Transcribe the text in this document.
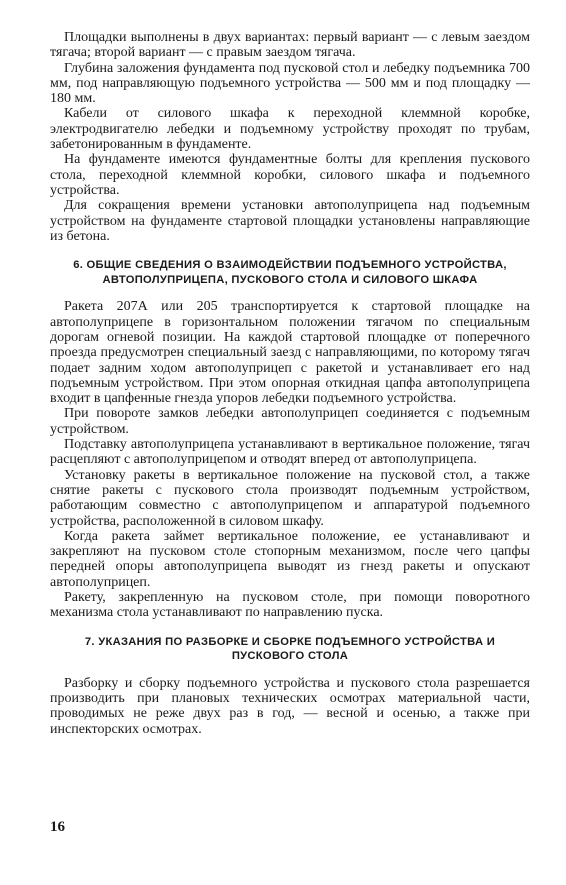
Площадки выполнены в двух вариантах: первый вариант — с левым заездом тягача; второй вариант — с правым заездом тягача.

Глубина заложения фундамента под пусковой стол и лебедку подъемника 700 мм, под направляющую подъемного устройства — 500 мм и под площадку — 180 мм.

Кабели от силового шкафа к переходной клеммной коробке, электродвигателю лебедки и подъемному устройству проходят по трубам, забетонированным в фундаменте.

На фундаменте имеются фундаментные болты для крепления пускового стола, переходной клеммной коробки, силового шкафа и подъемного устройства.

Для сокращения времени установки автополуприцепа над подъемным устройством на фундаменте стартовой площадки установлены направляющие из бетона.

6. ОБЩИЕ СВЕДЕНИЯ О ВЗАИМОДЕЙСТВИИ ПОДЪЕМНОГО УСТРОЙСТВА, АВТОПОЛУПРИЦЕПА, ПУСКОВОГО СТОЛА И СИЛОВОГО ШКАФА

Ракета 207А или 205 транспортируется к стартовой площадке на автополуприцепе в горизонтальном положении тягачом по специальным дорогам огневой позиции. На каждой стартовой площадке от поперечного проезда предусмотрен специальный заезд с направляющими, по которому тягач подает задним ходом автополуприцеп с ракетой и устанавливает его над подъемным устройством. При этом опорная откидная цапфа автополуприцепа входит в цапфенные гнезда упоров лебедки подъемного устройства.

При повороте замков лебедки автополуприцеп соединяется с подъемным устройством.

Подставку автополуприцепа устанавливают в вертикальное положение, тягач расцепляют с автополуприцепом и отводят вперед от автополуприцепа.

Установку ракеты в вертикальное положение на пусковой стол, а также снятие ракеты с пускового стола производят подъемным устройством, работающим совместно с автополуприцепом и аппаратурой подъемного устройства, расположенной в силовом шкафу.

Когда ракета займет вертикальное положение, ее устанавливают и закрепляют на пусковом столе стопорным механизмом, после чего цапфы передней опоры автополуприцепа выводят из гнезд ракеты и опускают автополуприцеп.

Ракету, закрепленную на пусковом столе, при помощи поворотного механизма стола устанавливают по направлению пуска.

7. УКАЗАНИЯ ПО РАЗБОРКЕ И СБОРКЕ ПОДЪЕМНОГО УСТРОЙСТВА И ПУСКОВОГО СТОЛА

Разборку и сборку подъемного устройства и пускового стола разрешается производить при плановых технических осмотрах материальной части, проводимых не реже двух раз в год, — весной и осенью, а также при инспекторских осмотрах.

16
